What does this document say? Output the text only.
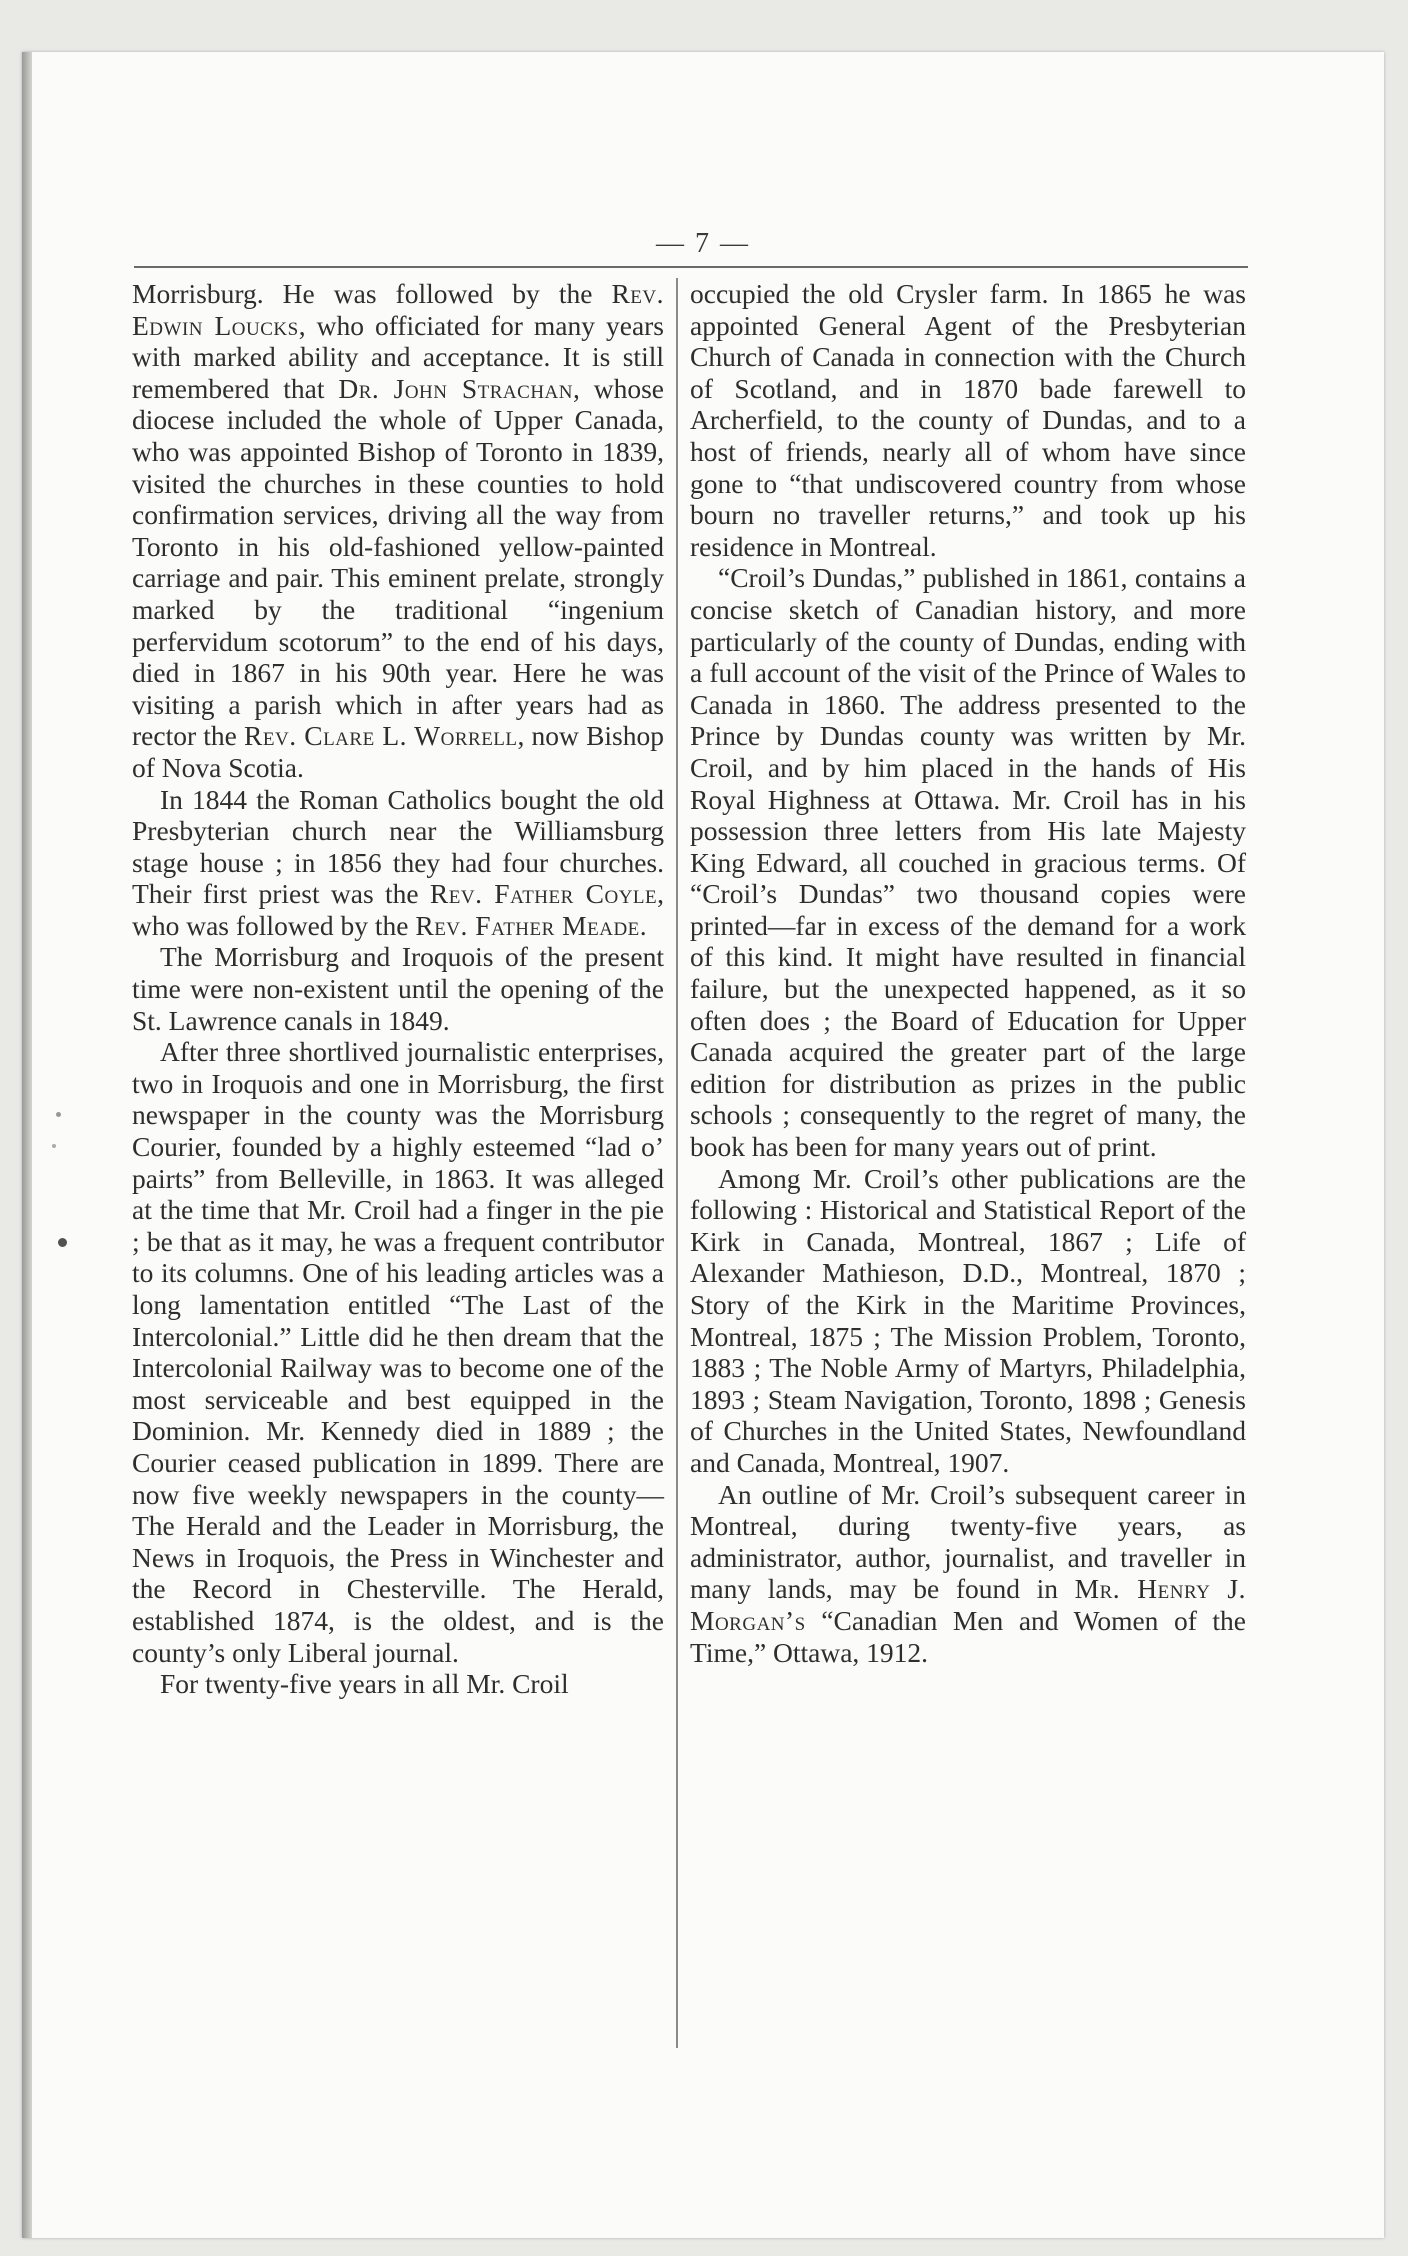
— 7 —

Morrisburg. He was followed by the Rev. Edwin Loucks, who officiated for many years with marked ability and acceptance. It is still remembered that Dr. John Strachan, whose diocese included the whole of Upper Canada, who was appointed Bishop of Toronto in 1839, visited the churches in these counties to hold confirmation services, driving all the way from Toronto in his old-fashioned yellow-painted carriage and pair. This eminent prelate, strongly marked by the traditional “ingenium perfervidum scotorum” to the end of his days, died in 1867 in his 90th year. Here he was visiting a parish which in after years had as rector the Rev. Clare L. Worrell, now Bishop of Nova Scotia.

In 1844 the Roman Catholics bought the old Presbyterian church near the Williamsburg stage house ; in 1856 they had four churches. Their first priest was the Rev. Father Coyle, who was followed by the Rev. Father Meade.

The Morrisburg and Iroquois of the present time were non-existent until the opening of the St. Lawrence canals in 1849.

After three shortlived journalistic enterprises, two in Iroquois and one in Morrisburg, the first newspaper in the county was the Morrisburg Courier, founded by a highly esteemed “lad o’ pairts” from Belleville, in 1863. It was alleged at the time that Mr. Croil had a finger in the pie ; be that as it may, he was a frequent contributor to its columns. One of his leading articles was a long lamentation entitled “The Last of the Intercolonial.” Little did he then dream that the Intercolonial Railway was to become one of the most serviceable and best equipped in the Dominion. Mr. Kennedy died in 1889 ; the Courier ceased publication in 1899. There are now five weekly newspapers in the county—The Herald and the Leader in Morrisburg, the News in Iroquois, the Press in Winchester and the Record in Chesterville. The Herald, established 1874, is the oldest, and is the county’s only Liberal journal.

For twenty-five years in all Mr. Croil

occupied the old Crysler farm. In 1865 he was appointed General Agent of the Presbyterian Church of Canada in connection with the Church of Scotland, and in 1870 bade farewell to Archerfield, to the county of Dundas, and to a host of friends, nearly all of whom have since gone to “that undiscovered country from whose bourn no traveller returns,” and took up his residence in Montreal.

“Croil’s Dundas,” published in 1861, contains a concise sketch of Canadian history, and more particularly of the county of Dundas, ending with a full account of the visit of the Prince of Wales to Canada in 1860. The address presented to the Prince by Dundas county was written by Mr. Croil, and by him placed in the hands of His Royal Highness at Ottawa. Mr. Croil has in his possession three letters from His late Majesty King Edward, all couched in gracious terms. Of “Croil’s Dundas” two thousand copies were printed—far in excess of the demand for a work of this kind. It might have resulted in financial failure, but the unexpected happened, as it so often does ; the Board of Education for Upper Canada acquired the greater part of the large edition for distribution as prizes in the public schools ; consequently to the regret of many, the book has been for many years out of print.

Among Mr. Croil’s other publications are the following : Historical and Statistical Report of the Kirk in Canada, Montreal, 1867 ; Life of Alexander Mathieson, D.D., Montreal, 1870 ; Story of the Kirk in the Maritime Provinces, Montreal, 1875 ; The Mission Problem, Toronto, 1883 ; The Noble Army of Martyrs, Philadelphia, 1893 ; Steam Navigation, Toronto, 1898 ; Genesis of Churches in the United States, Newfoundland and Canada, Montreal, 1907.

An outline of Mr. Croil’s subsequent career in Montreal, during twenty-five years, as administrator, author, journalist, and traveller in many lands, may be found in Mr. Henry J. Morgan’s “Canadian Men and Women of the Time,” Ottawa, 1912.
